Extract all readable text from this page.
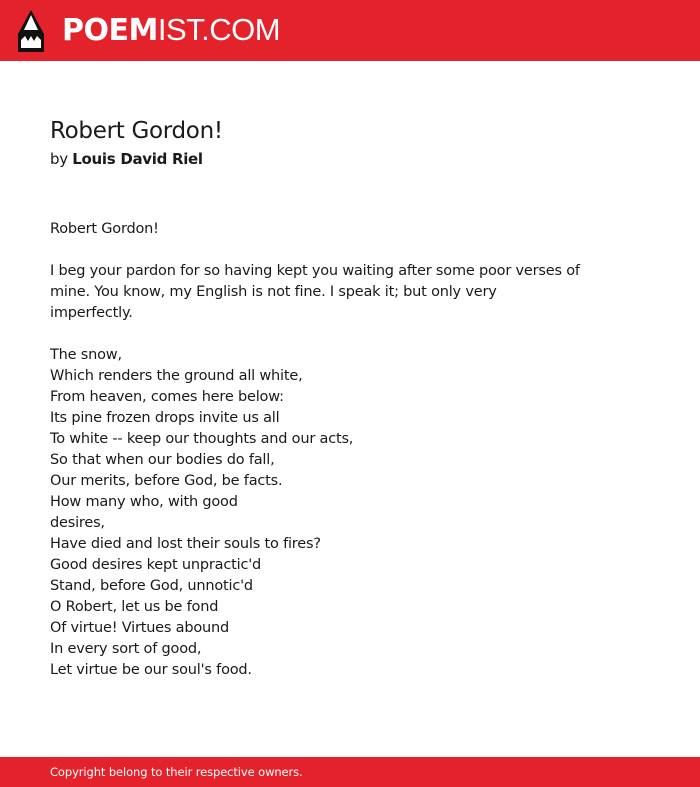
POEMIST.COM
Robert Gordon!
by Louis David Riel
Robert Gordon!
I beg your pardon for so having kept you waiting after some poor verses of
mine. You know, my English is not fine. I speak it; but only very
imperfectly.
The snow,
Which renders the ground all white,
From heaven, comes here below:
Its pine frozen drops invite us all
To white -- keep our thoughts and our acts,
So that when our bodies do fall,
Our merits, before God, be facts.
How many who, with good
desires,
Have died and lost their souls to fires?
Good desires kept unpractic'd
Stand, before God, unnotic'd
O Robert, let us be fond
Of virtue! Virtues abound
In every sort of good,
Let virtue be our soul's food.
Copyright belong to their respective owners.
